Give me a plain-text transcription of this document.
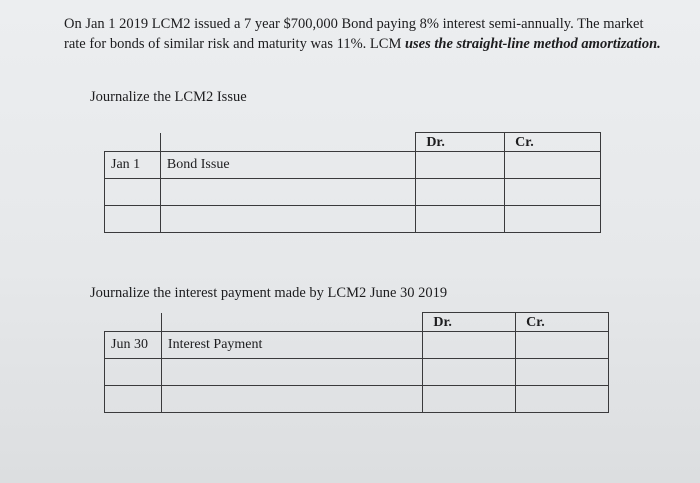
On Jan 1 2019 LCM2 issued a 7 year $700,000 Bond paying 8% interest semi-annually. The market rate for bonds of similar risk and maturity was 11%. LCM uses the straight-line method amortization.
Journalize the LCM2 Issue
		Dr.	Cr.
Jan 1	Bond Issue		

Journalize the interest payment made by LCM2 June 30 2019
		Dr.	Cr.
Jun 30	Interest Payment		
